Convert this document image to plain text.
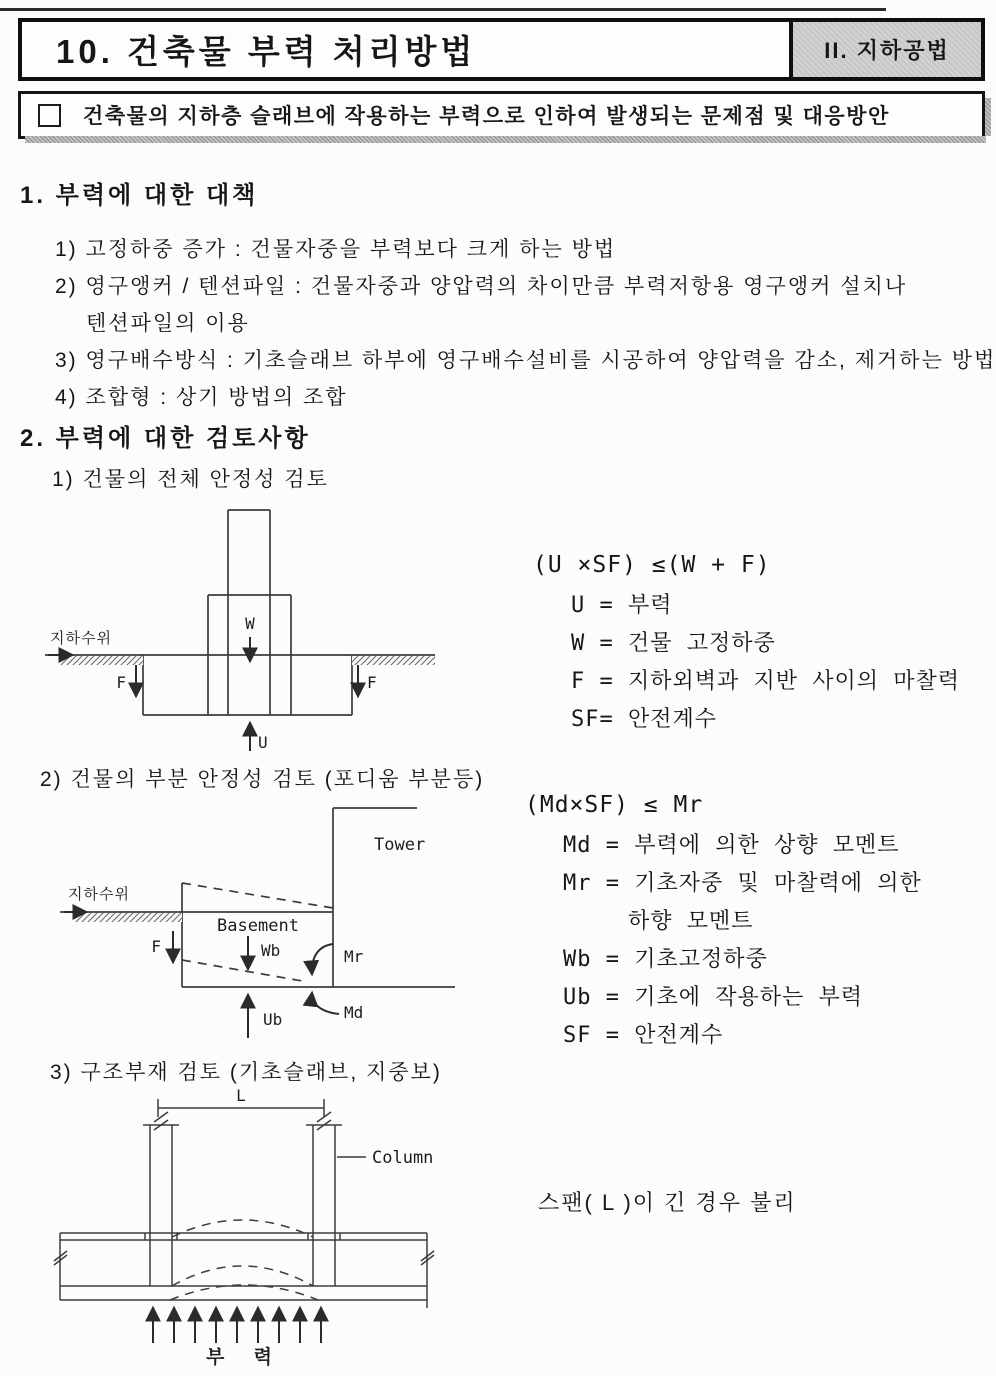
10. 건축물 부력 처리방법	II. 지하공법
건축물의 지하층 슬래브에 작용하는 부력으로 인하여 발생되는 문제점 및 대응방안
1. 부력에 대한 대책
1) 고정하중 증가 : 건물자중을 부력보다 크게 하는 방법
2) 영구앵커 / 텐션파일 : 건물자중과 양압력의 차이만큼 부력저항용 영구앵커 설치나
텐션파일의 이용
3) 영구배수방식 : 기초슬래브 하부에 영구배수설비를 시공하여 양압력을 감소, 제거하는 방법
4) 조합형 : 상기 방법의 조합
2. 부력에 대한 검토사항
1) 건물의 전체 안정성 검토
지하수위
W
U
F	F
(U ×SF) ≤(W + F)
U = 부력
W = 건물 고정하중
F = 지하외벽과 지반 사이의 마찰력
SF= 안전계수
2) 건물의 부분 안정성 검토 (포디움 부분등)
지하수위
Tower
Basement
F	Wb
Ub
Mr
Md
(Md×SF) ≤ Mr
Md = 부력에 의한 상향 모멘트
Mr = 기초자중 및 마찰력에 의한
하향 모멘트
Wb = 기초고정하중
Ub = 기초에 작용하는 부력
SF = 안전계수
3) 구조부재 검토 (기초슬래브, 지중보)
L
Column
부 력
스팬( L )이 긴 경우 불리
